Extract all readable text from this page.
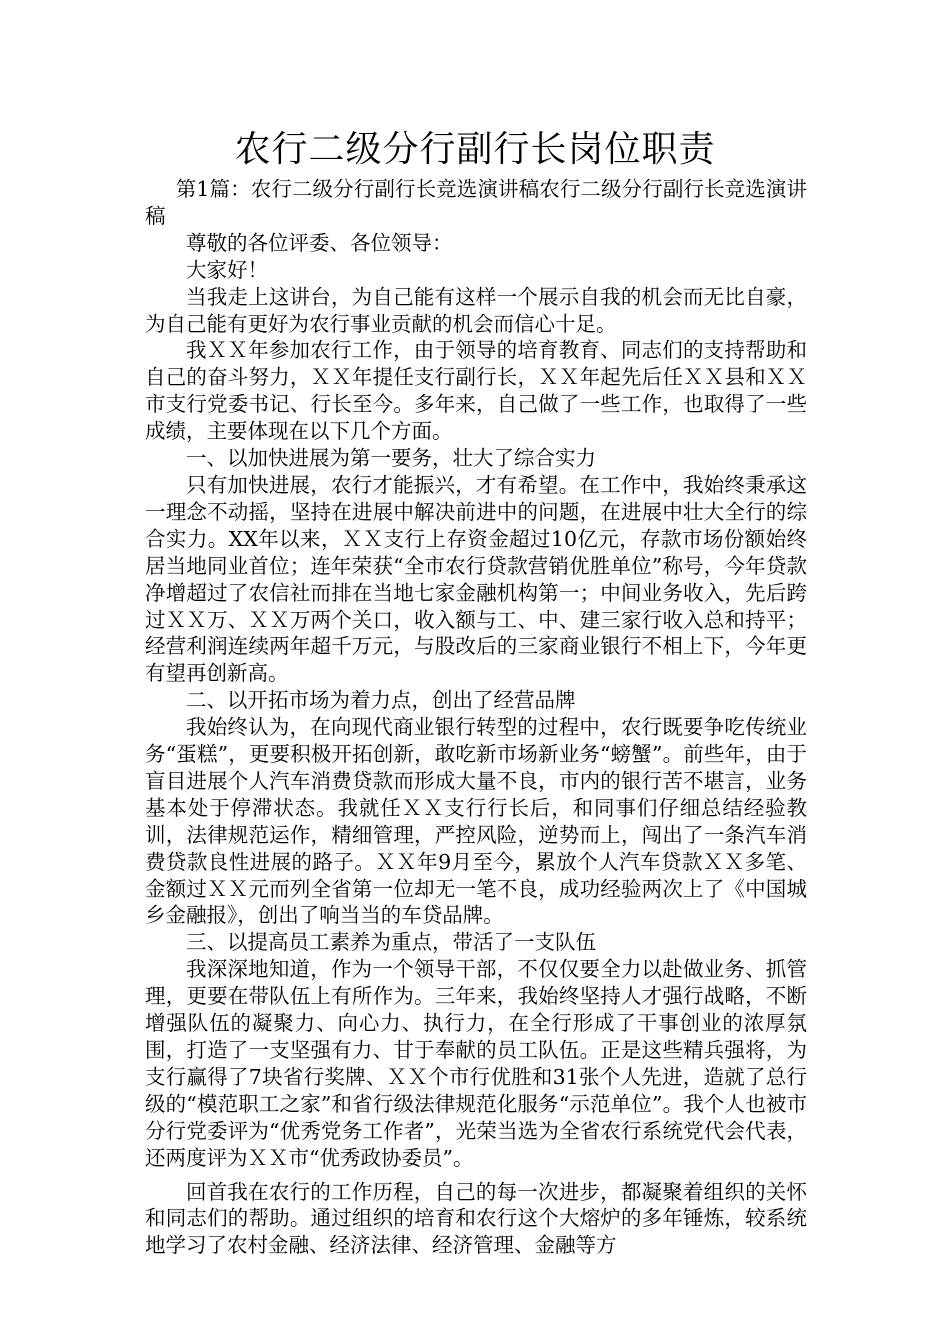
农行二级分行副行长岗位职责

第1篇：农行二级分行副行长竞选演讲稿农行二级分行副行长竞选演讲稿

尊敬的各位评委、各位领导：

大家好！

当我走上这讲台，为自己能有这样一个展示自我的机会而无比自豪，为自己能有更好为农行事业贡献的机会而信心十足。

我ＸＸ年参加农行工作，由于领导的培育教育、同志们的支持帮助和自己的奋斗努力，ＸＸ年提任支行副行长，ＸＸ年起先后任ＸＸ县和ＸＸ市支行党委书记、行长至今。多年来，自己做了一些工作，也取得了一些成绩，主要体现在以下几个方面。

一、以加快进展为第一要务，壮大了综合实力

只有加快进展，农行才能振兴，才有希望。在工作中，我始终秉承这一理念不动摇，坚持在进展中解决前进中的问题，在进展中壮大全行的综合实力。XX年以来，ＸＸ支行上存资金超过10亿元，存款市场份额始终居当地同业首位；连年荣获“全市农行贷款营销优胜单位”称号，今年贷款净增超过了农信社而排在当地七家金融机构第一；中间业务收入，先后跨过ＸＸ万、ＸＸ万两个关口，收入额与工、中、建三家行收入总和持平；经营利润连续两年超千万元，与股改后的三家商业银行不相上下，今年更有望再创新高。

二、以开拓市场为着力点，创出了经营品牌

我始终认为，在向现代商业银行转型的过程中，农行既要争吃传统业务“蛋糕”，更要积极开拓创新，敢吃新市场新业务“螃蟹”。前些年，由于盲目进展个人汽车消费贷款而形成大量不良，市内的银行苦不堪言，业务基本处于停滞状态。我就任ＸＸ支行行长后，和同事们仔细总结经验教训，法律规范运作，精细管理，严控风险，逆势而上，闯出了一条汽车消费贷款良性进展的路子。ＸＸ年9月至今，累放个人汽车贷款ＸＸ多笔、金额过ＸＸ元而列全省第一位却无一笔不良，成功经验两次上了《中国城乡金融报》，创出了响当当的车贷品牌。

三、以提高员工素养为重点，带活了一支队伍

我深深地知道，作为一个领导干部，不仅仅要全力以赴做业务、抓管理，更要在带队伍上有所作为。三年来，我始终坚持人才强行战略，不断增强队伍的凝聚力、向心力、执行力，在全行形成了干事创业的浓厚氛围，打造了一支坚强有力、甘于奉献的员工队伍。正是这些精兵强将，为支行赢得了7块省行奖牌、ＸＸ个市行优胜和31张个人先进，造就了总行级的“模范职工之家”和省行级法律规范化服务“示范单位”。我个人也被市分行党委评为“优秀党务工作者”，光荣当选为全省农行系统党代会代表，还两度评为ＸＸ市“优秀政协委员”。

回首我在农行的工作历程，自己的每一次进步，都凝聚着组织的关怀和同志们的帮助。通过组织的培育和农行这个大熔炉的多年锤炼，较系统地学习了农村金融、经济法律、经济管理、金融等方
